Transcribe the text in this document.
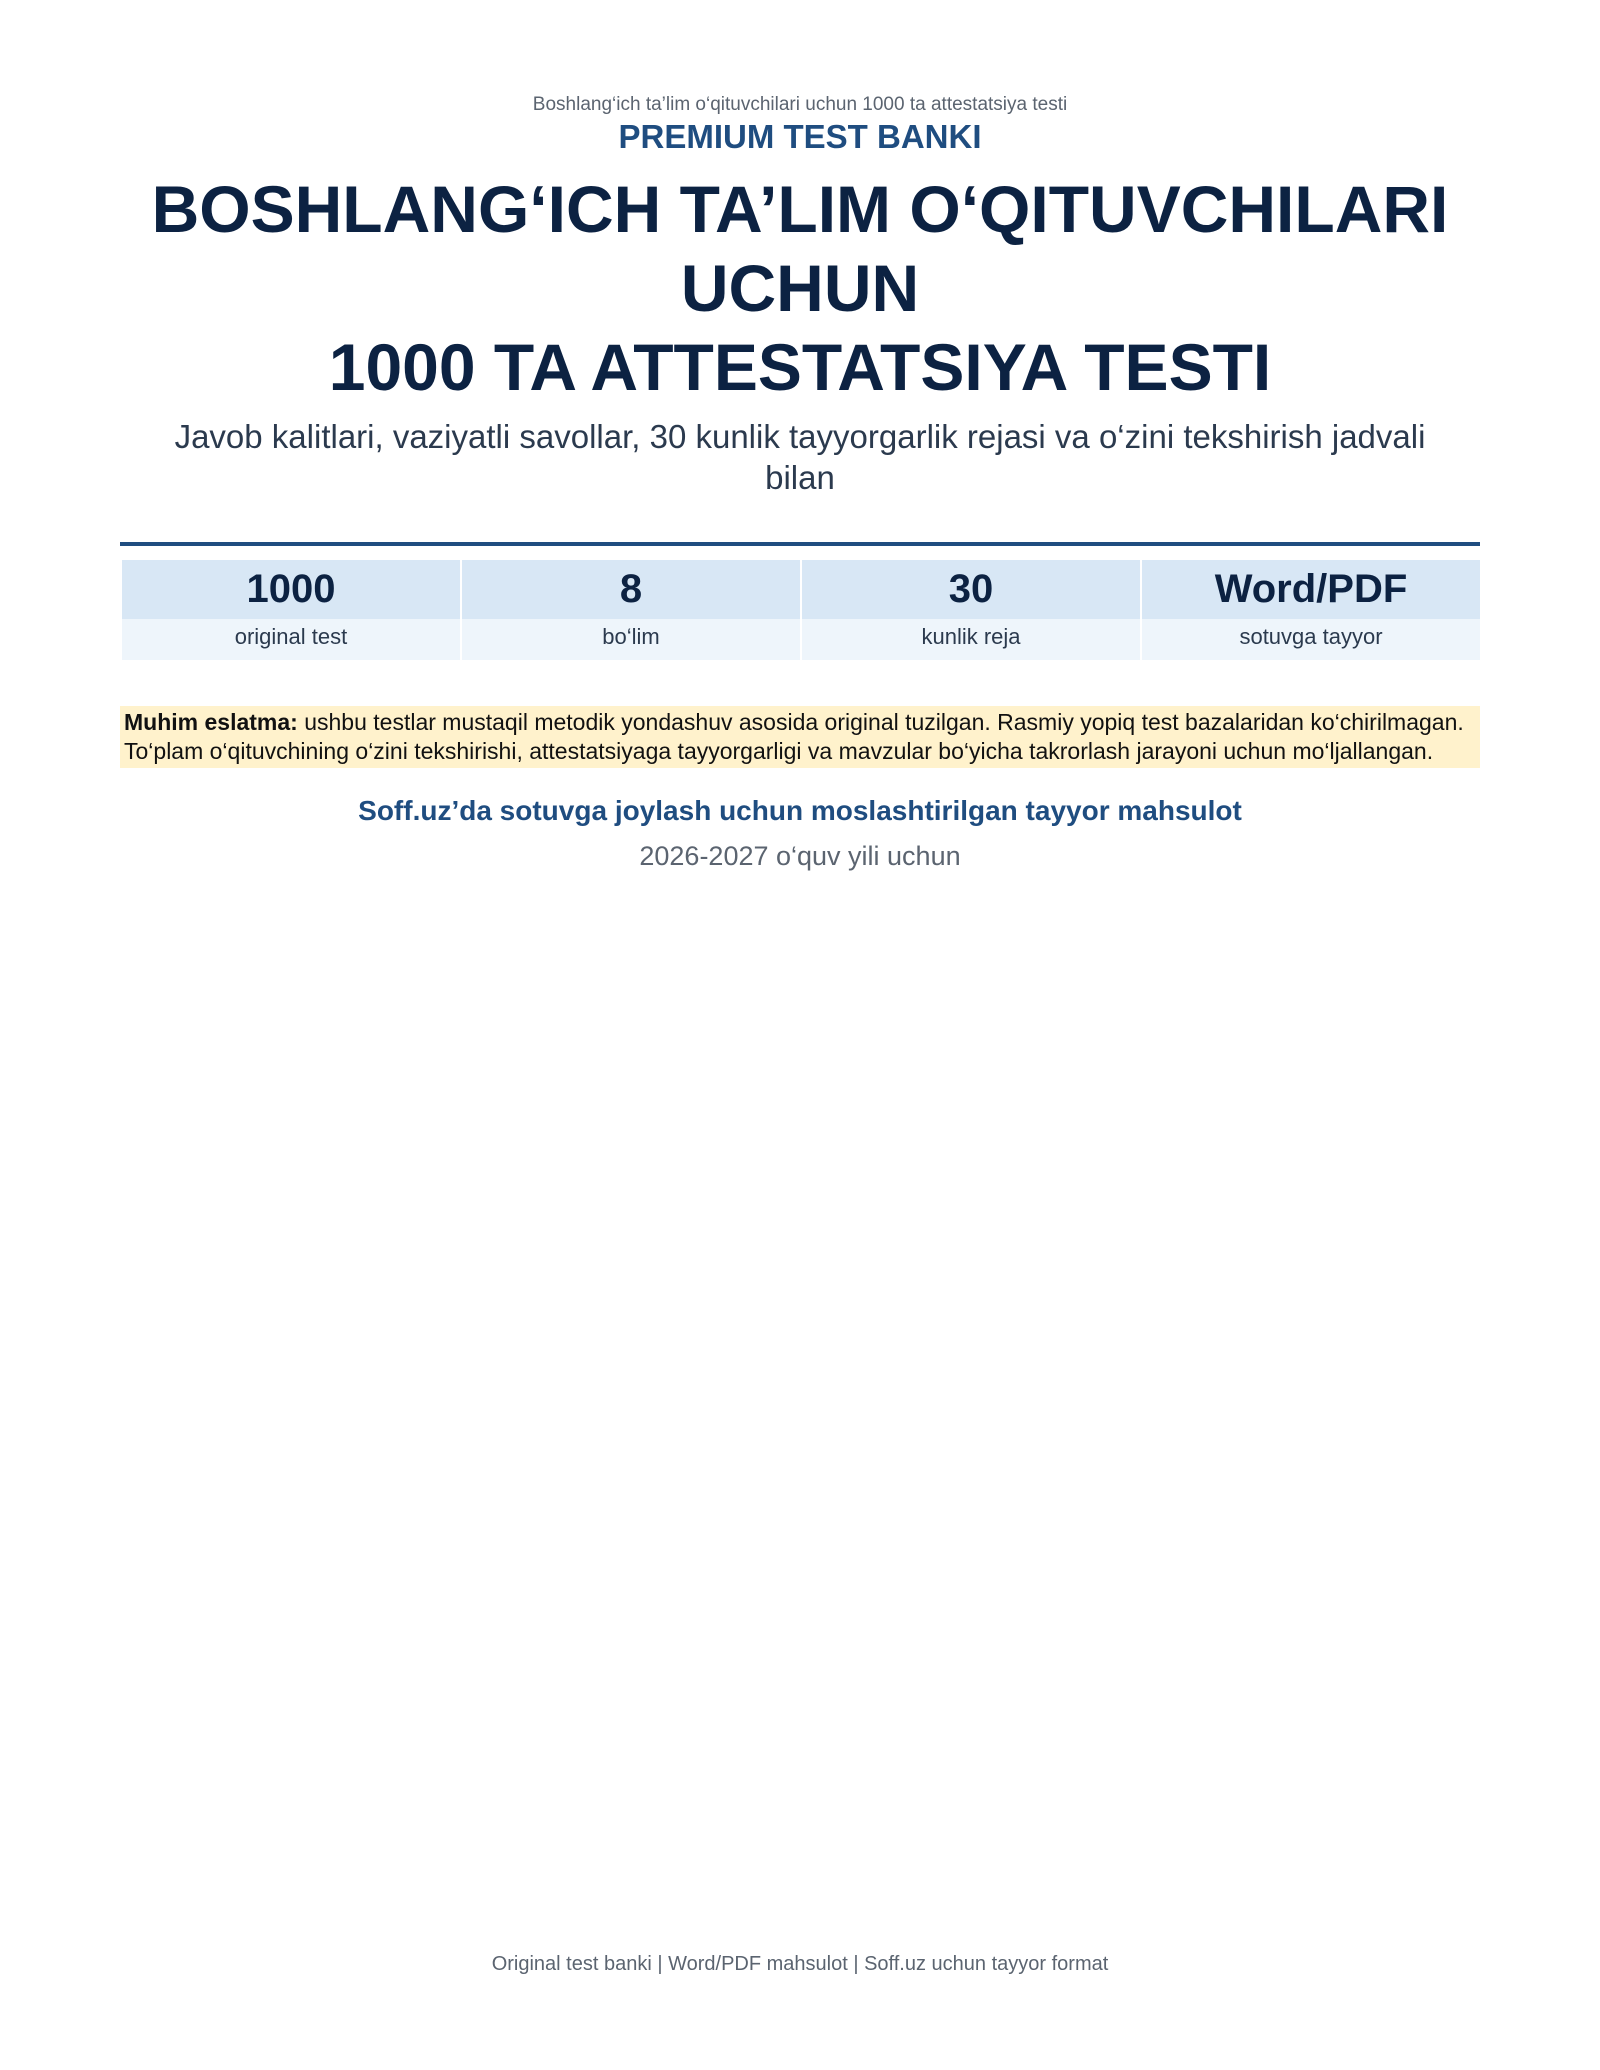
Boshlang‘ich ta’lim o‘qituvchilari uchun 1000 ta attestatsiya testi
PREMIUM TEST BANKI
BOSHLANG‘ICH TA’LIM O‘QITUVCHILARI
UCHUN
1000 TA ATTESTATSIYA TESTI
Javob kalitlari, vaziyatli savollar, 30 kunlik tayyorgarlik rejasi va o‘zini tekshirish jadvali bilan
1000	8	30	Word/PDF
original test	bo‘lim	kunlik reja	sotuvga tayyor
Muhim eslatma: ushbu testlar mustaqil metodik yondashuv asosida original tuzilgan. Rasmiy yopiq test bazalaridan ko‘chirilmagan. To‘plam o‘qituvchining o‘zini tekshirishi, attestatsiyaga tayyorgarligi va mavzular bo‘yicha takrorlash jarayoni uchun mo‘ljallangan.
Soff.uz’da sotuvga joylash uchun moslashtirilgan tayyor mahsulot
2026-2027 o‘quv yili uchun
Original test banki | Word/PDF mahsulot | Soff.uz uchun tayyor format
